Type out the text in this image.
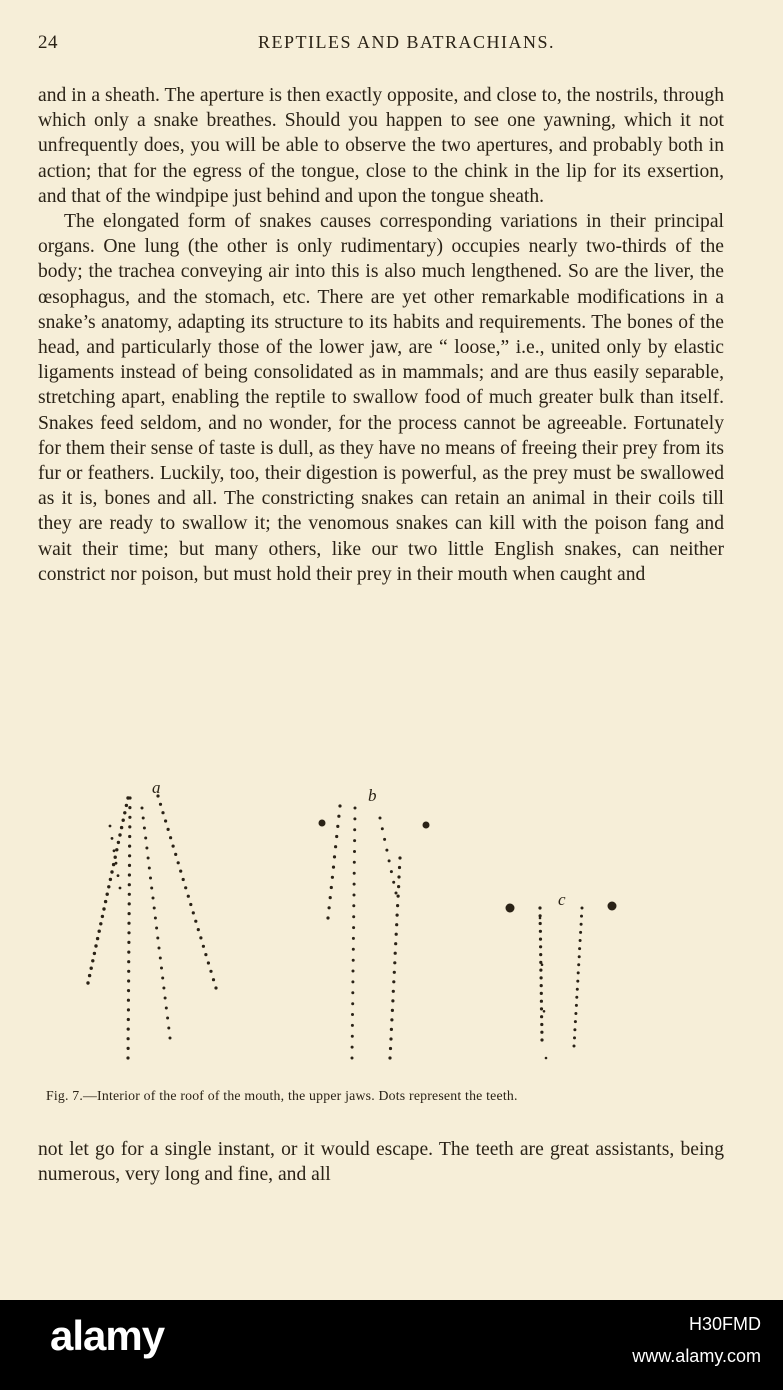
24	REPTILES AND BATRACHIANS.

and in a sheath. The aperture is then exactly opposite, and close to, the nostrils, through which only a snake breathes. Should you happen to see one yawning, which it not unfrequently does, you will be able to observe the two apertures, and probably both in action; that for the egress of the tongue, close to the chink in the lip for its exsertion, and that of the windpipe just behind and upon the tongue sheath.

The elongated form of snakes causes corresponding variations in their principal organs. One lung (the other is only rudimentary) occupies nearly two-thirds of the body; the trachea conveying air into this is also much lengthened. So are the liver, the œsophagus, and the stomach, etc. There are yet other remarkable modifications in a snake’s anatomy, adapting its structure to its habits and requirements. The bones of the head, and particularly those of the lower jaw, are “ loose,” i.e., united only by elastic ligaments instead of being consolidated as in mammals; and are thus easily separable, stretching apart, enabling the reptile to swallow food of much greater bulk than itself. Snakes feed seldom, and no wonder, for the process cannot be agreeable. Fortunately for them their sense of taste is dull, as they have no means of freeing their prey from its fur or feathers. Luckily, too, their digestion is powerful, as the prey must be swallowed as it is, bones and all. The constricting snakes can retain an animal in their coils till they are ready to swallow it; the venomous snakes can kill with the poison fang and wait their time; but many others, like our two little English snakes, can neither constrict nor poison, but must hold their prey in their mouth when caught and

a	b
c
Fig. 7.—Interior of the roof of the mouth, the upper jaws. Dots represent the teeth.

not let go for a single instant, or it would escape. The teeth are great assistants, being numerous, very long and fine, and all

alamy	H30FMD
www.alamy.com
